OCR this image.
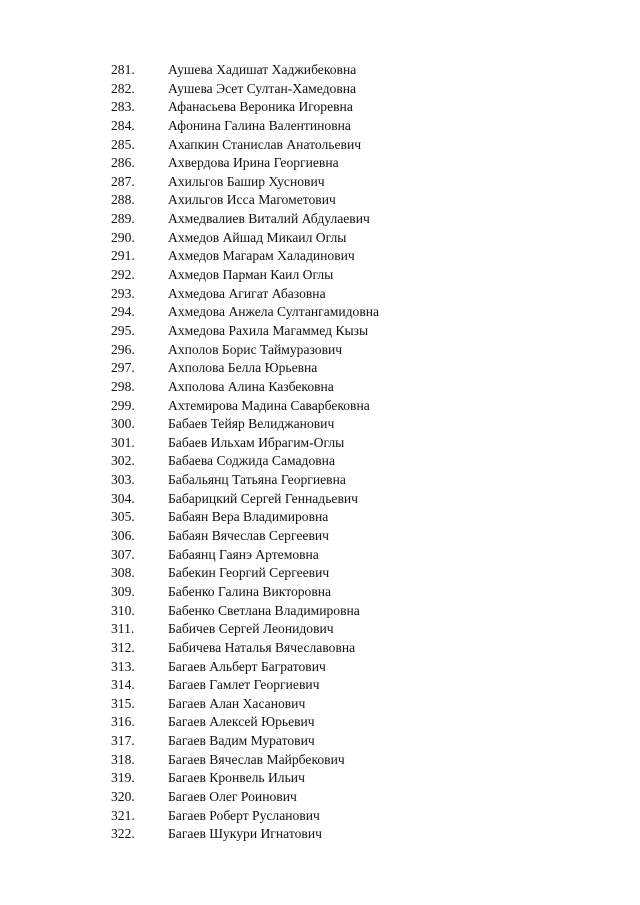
281.	Аушева Хадишат Хаджибековна
282.	Аушева Эсет Султан-Хамедовна
283.	Афанасьева Вероника Игоревна
284.	Афонина Галина Валентиновна
285.	Ахапкин Станислав Анатольевич
286.	Ахвердова Ирина Георгиевна
287.	Ахильгов Башир Хуснович
288.	Ахильгов Исса Магометович
289.	Ахмедвалиев Виталий Абдулаевич
290.	Ахмедов Айшад Микаил Оглы
291.	Ахмедов Магарам Халадинович
292.	Ахмедов Парман Каил Оглы
293.	Ахмедова Агигат Абазовна
294.	Ахмедова Анжела Султангамидовна
295.	Ахмедова Рахила Магаммед Кызы
296.	Ахполов Борис Таймуразович
297.	Ахполова Белла Юрьевна
298.	Ахполова Алина Казбековна
299.	Ахтемирова Мадина Саварбековна
300.	Бабаев Тейяр Велиджанович
301.	Бабаев Ильхам Ибрагим-Оглы
302.	Бабаева Соджида Самадовна
303.	Бабальянц Татьяна Георгиевна
304.	Бабарицкий Сергей Геннадьевич
305.	Бабаян Вера Владимировна
306.	Бабаян Вячеслав Сергеевич
307.	Бабаянц Гаянэ Артемовна
308.	Бабекин Георгий Сергеевич
309.	Бабенко Галина Викторовна
310.	Бабенко Светлана Владимировна
311.	Бабичев Сергей Леонидович
312.	Бабичева Наталья Вячеславовна
313.	Багаев Альберт Багратович
314.	Багаев Гамлет Георгиевич
315.	Багаев Алан Хасанович
316.	Багаев Алексей Юрьевич
317.	Багаев Вадим Муратович
318.	Багаев Вячеслав Майрбекович
319.	Багаев Кронвель Ильич
320.	Багаев Олег Роинович
321.	Багаев Роберт Русланович
322.	Багаев Шукури Игнатович
